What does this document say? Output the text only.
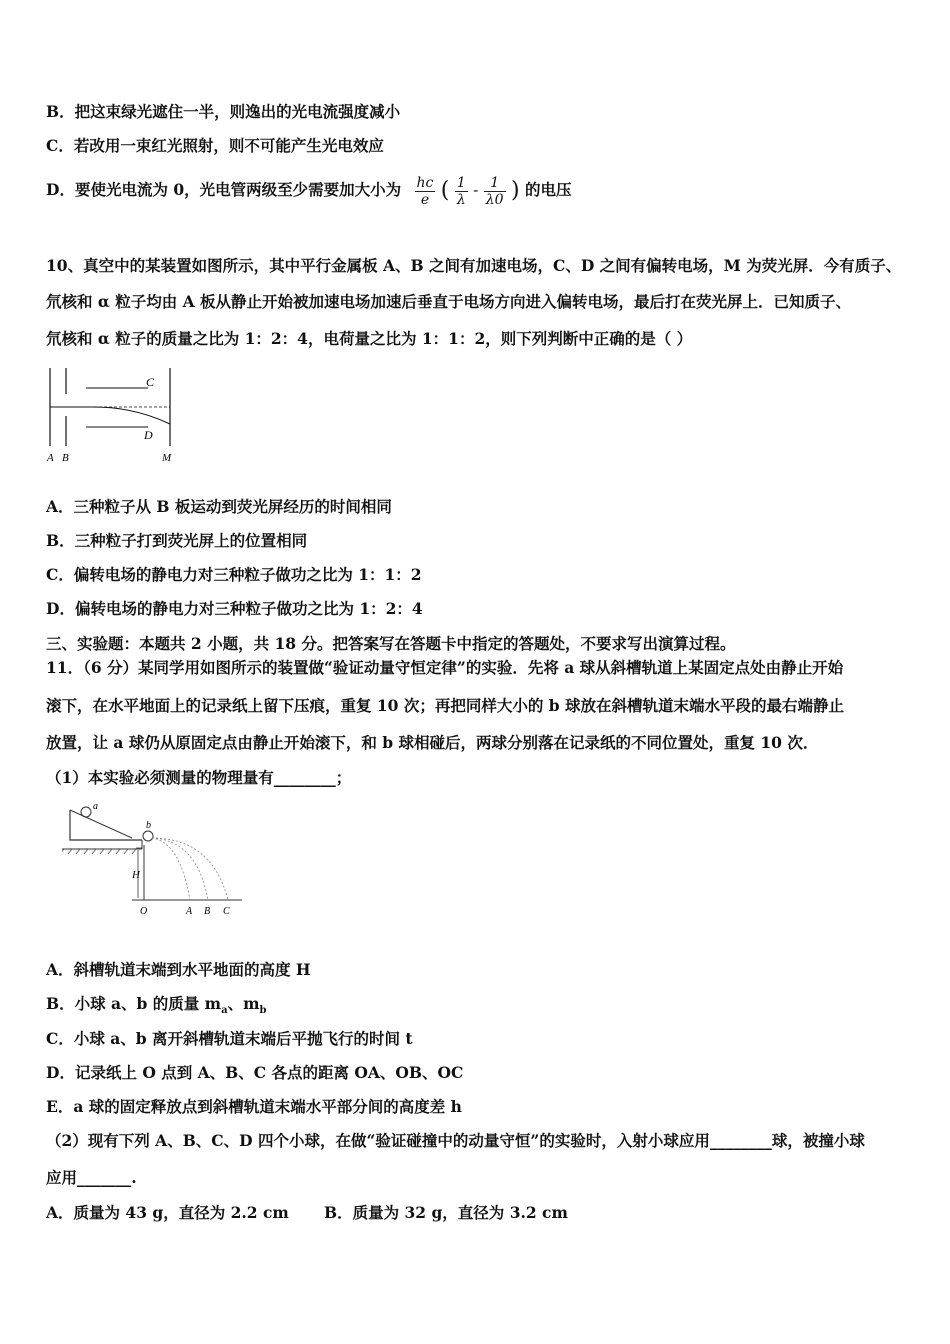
B．把这束绿光遮住一半，则逸出的光电流强度减小
C．若改用一束红光照射，则不可能产生光电效应
D．要使光电流为 0，光电管两级至少需要加大小为 $\frac{hc}{e}$ ( $\frac{1}{\lambda} - \frac{1}{\lambda 0}$ ) 的电压
10、真空中的某装置如图所示，其中平行金属板 A、B 之间有加速电场，C、D 之间有偏转电场，M 为荧光屏．今有质子、
氘核和 α 粒子均由 A 板从静止开始被加速电场加速后垂直于电场方向进入偏转电场，最后打在荧光屏上．已知质子、
氘核和 α 粒子的质量之比为 1：2：4，电荷量之比为 1：1：2，则下列判断中正确的是（ ）
C
D
A B	M
A．三种粒子从 B 板运动到荧光屏经历的时间相同
B．三种粒子打到荧光屏上的位置相同
C．偏转电场的静电力对三种粒子做功之比为 1：1：2
D．偏转电场的静电力对三种粒子做功之比为 1：2：4
三、实验题：本题共 2 小题，共 18 分。把答案写在答题卡中指定的答题处，不要求写出演算过程。
11．（6 分）某同学用如图所示的装置做“验证动量守恒定律”的实验．先将 a 球从斜槽轨道上某固定点处由静止开始
滚下，在水平地面上的记录纸上留下压痕，重复 10 次；再把同样大小的 b 球放在斜槽轨道末端水平段的最右端静止
放置，让 a 球仍从原固定点由静止开始滚下，和 b 球相碰后，两球分别落在记录纸的不同位置处，重复 10 次．
（1）本实验必须测量的物理量有________；
a
b
H
O	A B C
A．斜槽轨道末端到水平地面的高度 H
B．小球 a、b 的质量 $m_a$、$m_b$
C．小球 a、b 离开斜槽轨道末端后平抛飞行的时间 t
D．记录纸上 O 点到 A、B、C 各点的距离 OA、OB、OC
E．a 球的固定释放点到斜槽轨道末端水平部分间的高度差 h
（2）现有下列 A、B、C、D 四个小球，在做“验证碰撞中的动量守恒”的实验时，入射小球应用________球，被撞小球
应用_______.
A．质量为 43 g，直径为 2.2 cm B．质量为 32 g，直径为 3.2 cm
